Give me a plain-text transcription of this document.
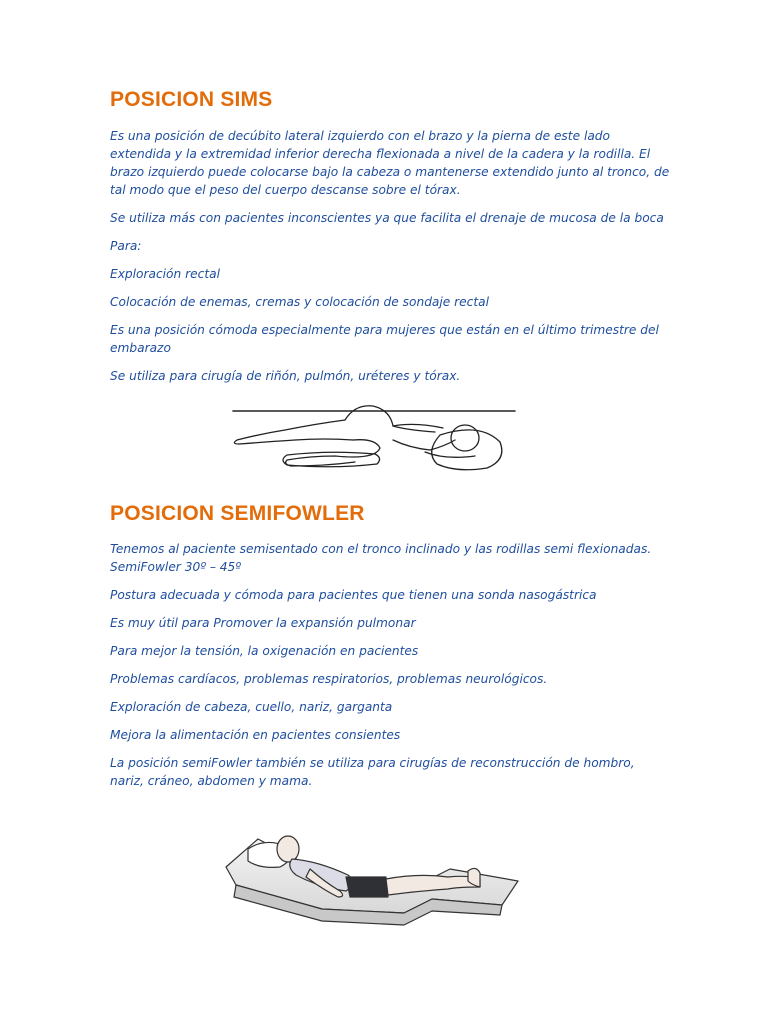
POSICION SIMS

Es una posición de decúbito lateral izquierdo con el brazo y la pierna de este lado extendida y la extremidad inferior derecha flexionada a nivel de la cadera y la rodilla. El brazo izquierdo puede colocarse bajo la cabeza o mantenerse extendido junto al tronco, de tal modo que el peso del cuerpo descanse sobre el tórax.

Se utiliza más con pacientes inconscientes ya que facilita el drenaje de mucosa de la boca

Para:

Exploración rectal

Colocación de enemas, cremas y colocación de sondaje rectal

Es una posición cómoda especialmente para mujeres que están en el último trimestre del embarazo

Se utiliza para cirugía de riñón, pulmón, uréteres y tórax.

POSICION SEMIFOWLER

Tenemos al paciente semisentado con el tronco inclinado y las rodillas semi flexionadas. SemiFowler 30º – 45º

Postura adecuada y cómoda para pacientes que tienen una sonda nasogástrica

Es muy útil para Promover la expansión pulmonar

Para mejor la tensión, la oxigenación en pacientes

Problemas cardíacos, problemas respiratorios, problemas neurológicos.

Exploración de cabeza, cuello, nariz, garganta

Mejora la alimentación en pacientes consientes

La posición semiFowler también se utiliza para cirugías de reconstrucción de hombro, nariz, cráneo, abdomen y mama.
